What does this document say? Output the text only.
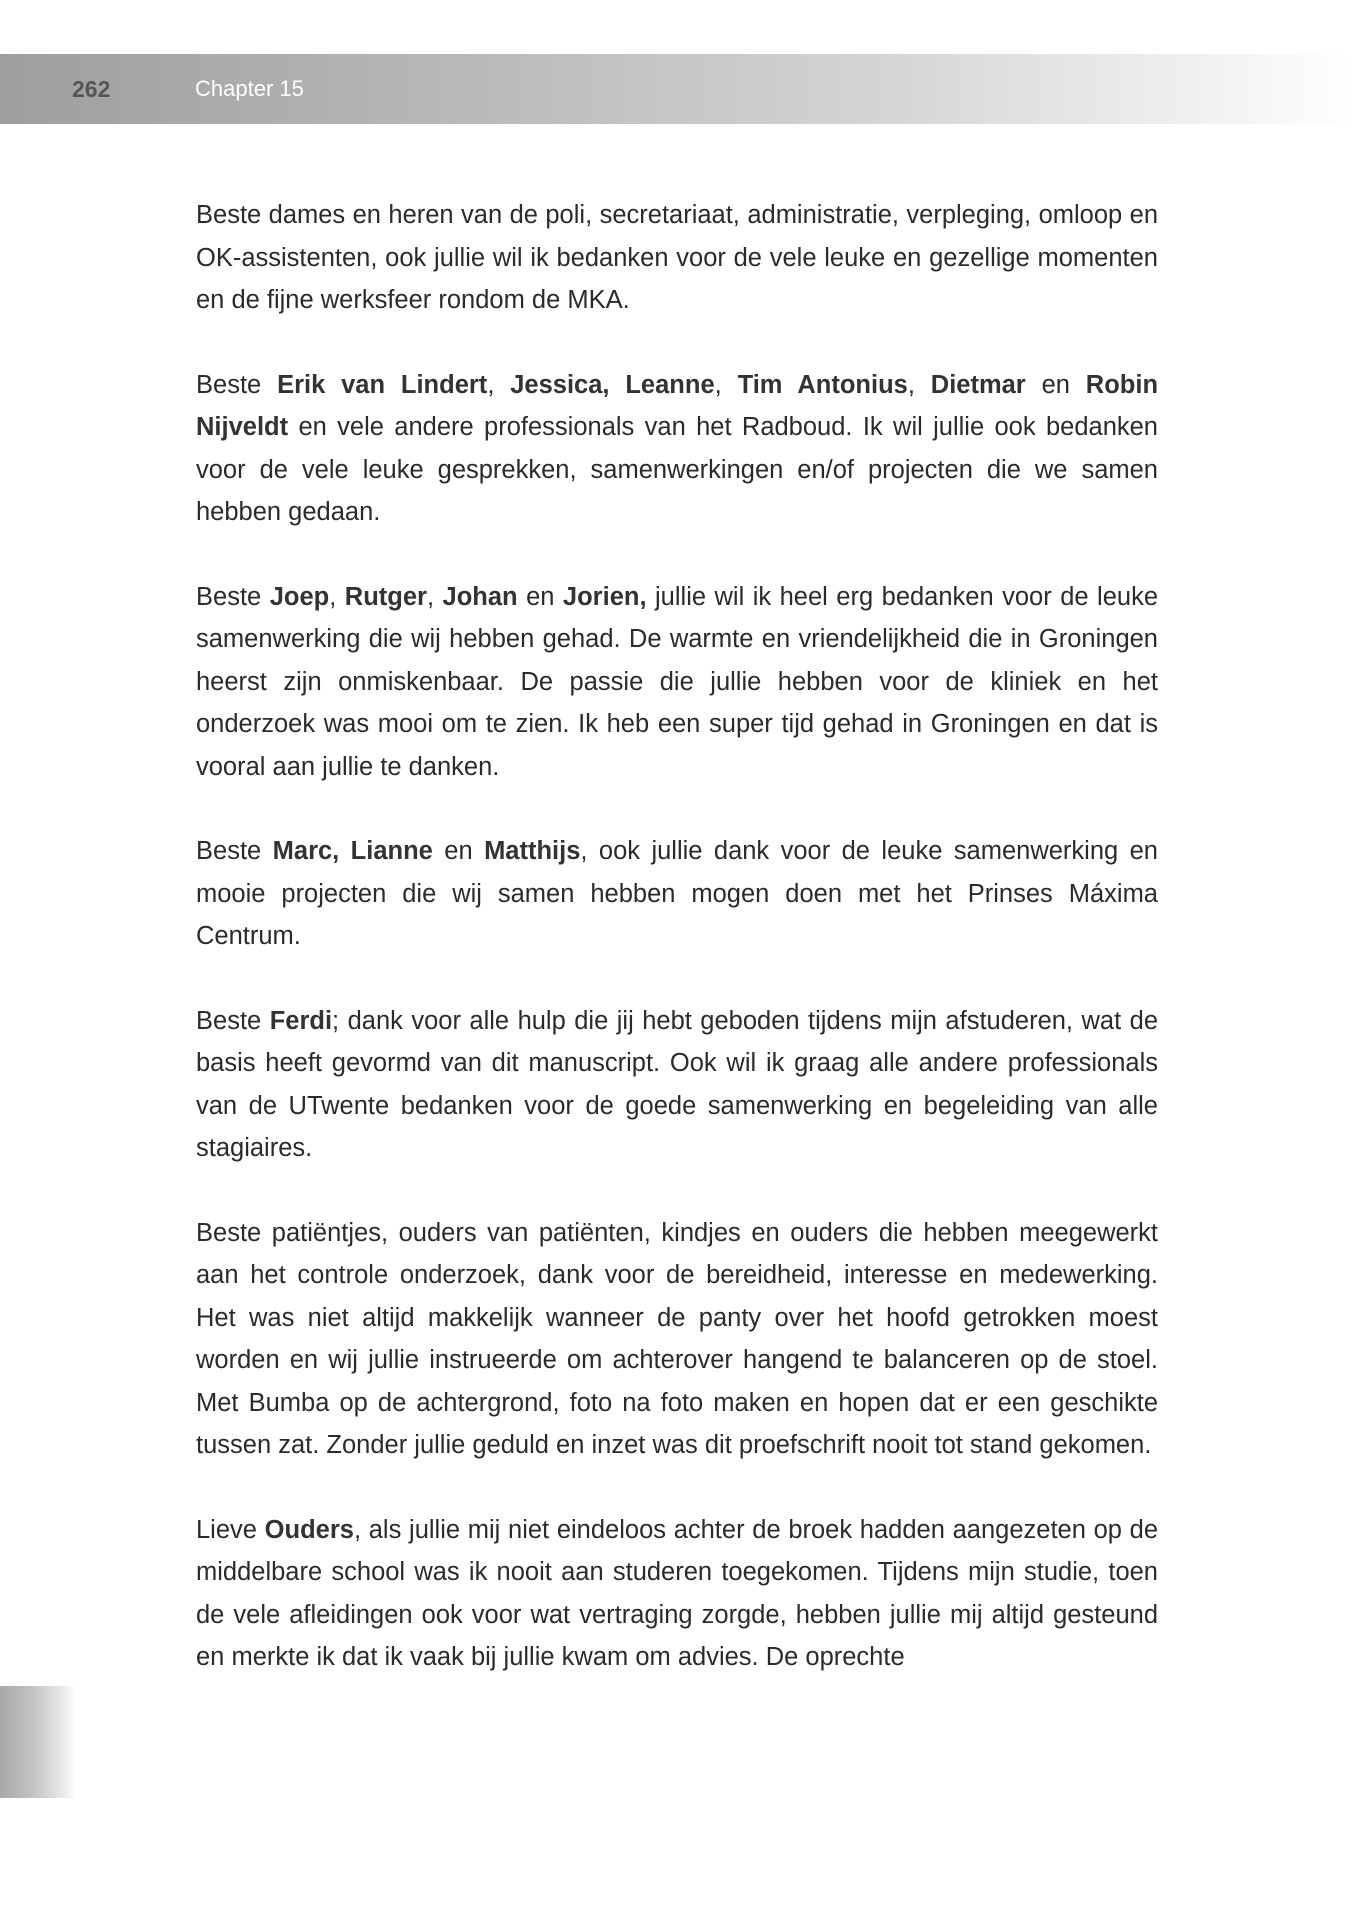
262	Chapter 15

Beste dames en heren van de poli, secretariaat, administratie, verpleging, omloop en OK-assistenten, ook jullie wil ik bedanken voor de vele leuke en gezellige momenten en de fijne werksfeer rondom de MKA.

Beste Erik van Lindert, Jessica, Leanne, Tim Antonius, Dietmar en Robin Nijveldt en vele andere professionals van het Radboud. Ik wil jullie ook bedanken voor de vele leuke gesprekken, samenwerkingen en/of projecten die we samen hebben gedaan.

Beste Joep, Rutger, Johan en Jorien, jullie wil ik heel erg bedanken voor de leuke samenwerking die wij hebben gehad. De warmte en vriendelijkheid die in Groningen heerst zijn onmiskenbaar. De passie die jullie hebben voor de kliniek en het onderzoek was mooi om te zien. Ik heb een super tijd gehad in Groningen en dat is vooral aan jullie te danken.

Beste Marc, Lianne en Matthijs, ook jullie dank voor de leuke samenwerking en mooie projecten die wij samen hebben mogen doen met het Prinses Máxima Centrum.

Beste Ferdi; dank voor alle hulp die jij hebt geboden tijdens mijn afstuderen, wat de basis heeft gevormd van dit manuscript. Ook wil ik graag alle andere professionals van de UTwente bedanken voor de goede samenwerking en begeleiding van alle stagiaires.

Beste patiëntjes, ouders van patiënten, kindjes en ouders die hebben meegewerkt aan het controle onderzoek, dank voor de bereidheid, interesse en medewerking. Het was niet altijd makkelijk wanneer de panty over het hoofd getrokken moest worden en wij jullie instrueerde om achterover hangend te balanceren op de stoel. Met Bumba op de achtergrond, foto na foto maken en hopen dat er een geschikte tussen zat. Zonder jullie geduld en inzet was dit proefschrift nooit tot stand gekomen.

Lieve Ouders, als jullie mij niet eindeloos achter de broek hadden aangezeten op de middelbare school was ik nooit aan studeren toegekomen. Tijdens mijn studie, toen de vele afleidingen ook voor wat vertraging zorgde, hebben jullie mij altijd gesteund en merkte ik dat ik vaak bij jullie kwam om advies. De oprechte
